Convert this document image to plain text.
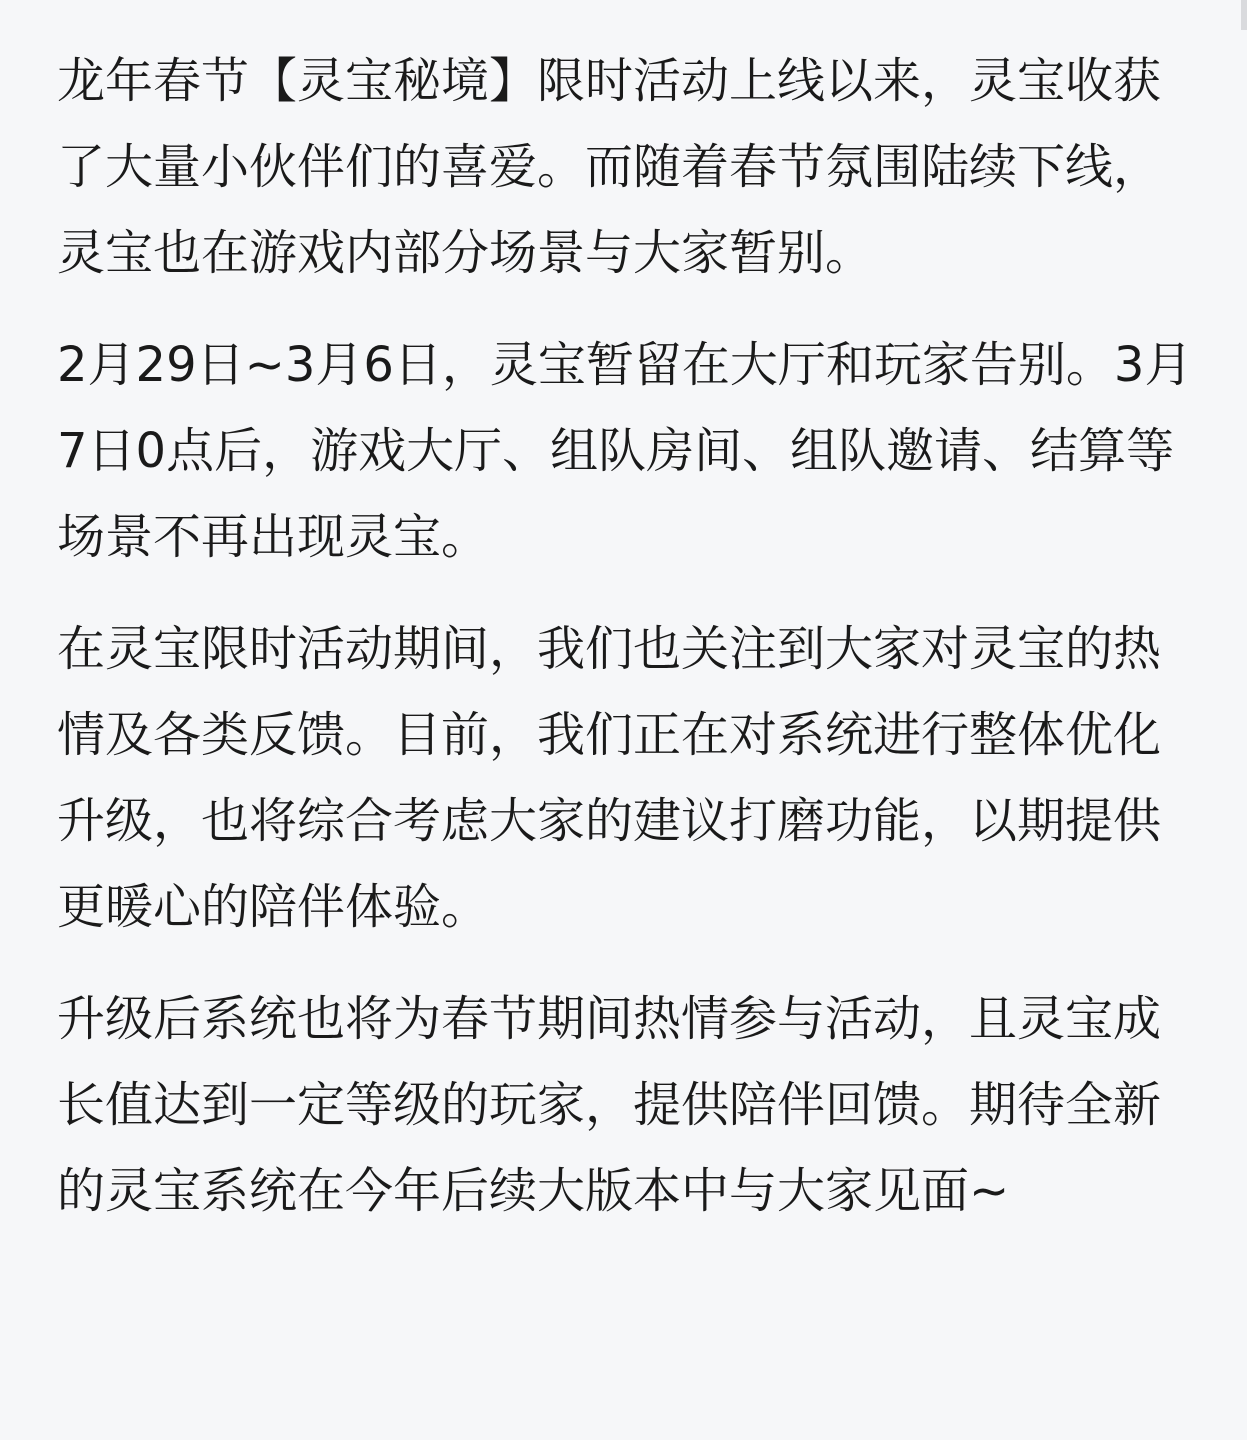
龙年春节【灵宝秘境】限时活动上线以来，灵宝收获了大量小伙伴们的喜爱。而随着春节氛围陆续下线，灵宝也在游戏内部分场景与大家暂别。

2月29日~3月6日，灵宝暂留在大厅和玩家告别。3月7日0点后，游戏大厅、组队房间、组队邀请、结算等场景不再出现灵宝。

在灵宝限时活动期间，我们也关注到大家对灵宝的热情及各类反馈。目前，我们正在对系统进行整体优化升级，也将综合考虑大家的建议打磨功能，以期提供更暖心的陪伴体验。

升级后系统也将为春节期间热情参与活动，且灵宝成长值达到一定等级的玩家，提供陪伴回馈。期待全新的灵宝系统在今年后续大版本中与大家见面~
